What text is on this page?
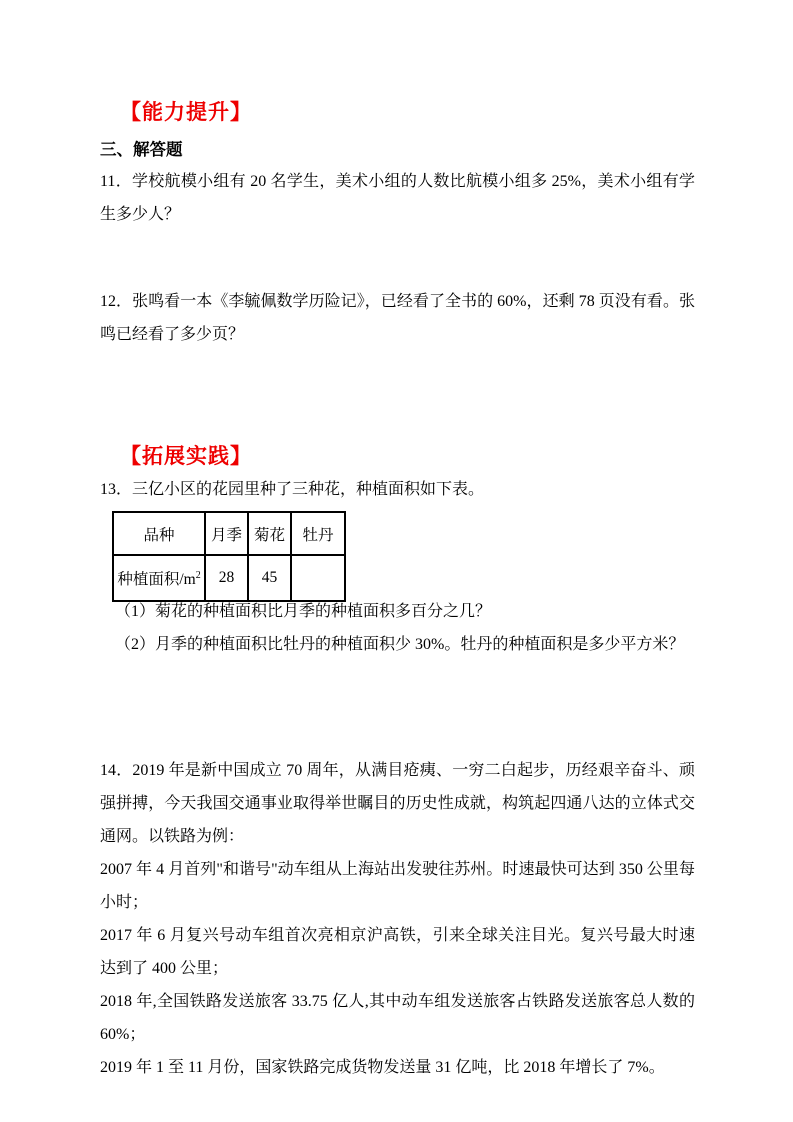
【能力提升】
三、解答题

11．学校航模小组有 20 名学生，美术小组的人数比航模小组多 25%，美术小组有学生多少人？

12．张鸣看一本《李毓佩数学历险记》，已经看了全书的 60%，还剩 78 页没有看。张鸣已经看了多少页？

【拓展实践】

13．三亿小区的花园里种了三种花，种植面积如下表。

品种	月季	菊花	牡丹
种植面积$/m^2$	28	45	
（1）菊花的种植面积比月季的种植面积多百分之几？
（2）月季的种植面积比牡丹的种植面积少 30%。牡丹的种植面积是多少平方米？

14．2019 年是新中国成立 70 周年，从满目疮痍、一穷二白起步，历经艰辛奋斗、顽强拼搏，今天我国交通事业取得举世瞩目的历史性成就，构筑起四通八达的立体式交通网。以铁路为例：

2007 年 4 月首列"和谐号"动车组从上海站出发驶往苏州。时速最快可达到 350 公里每小时；

2017 年 6 月复兴号动车组首次亮相京沪高铁，引来全球关注目光。复兴号最大时速达到了 400 公里；

2018 年,全国铁路发送旅客 33.75 亿人,其中动车组发送旅客占铁路发送旅客总人数的 60%；

2019 年 1 至 11 月份，国家铁路完成货物发送量 31 亿吨，比 2018 年增长了 7%。
